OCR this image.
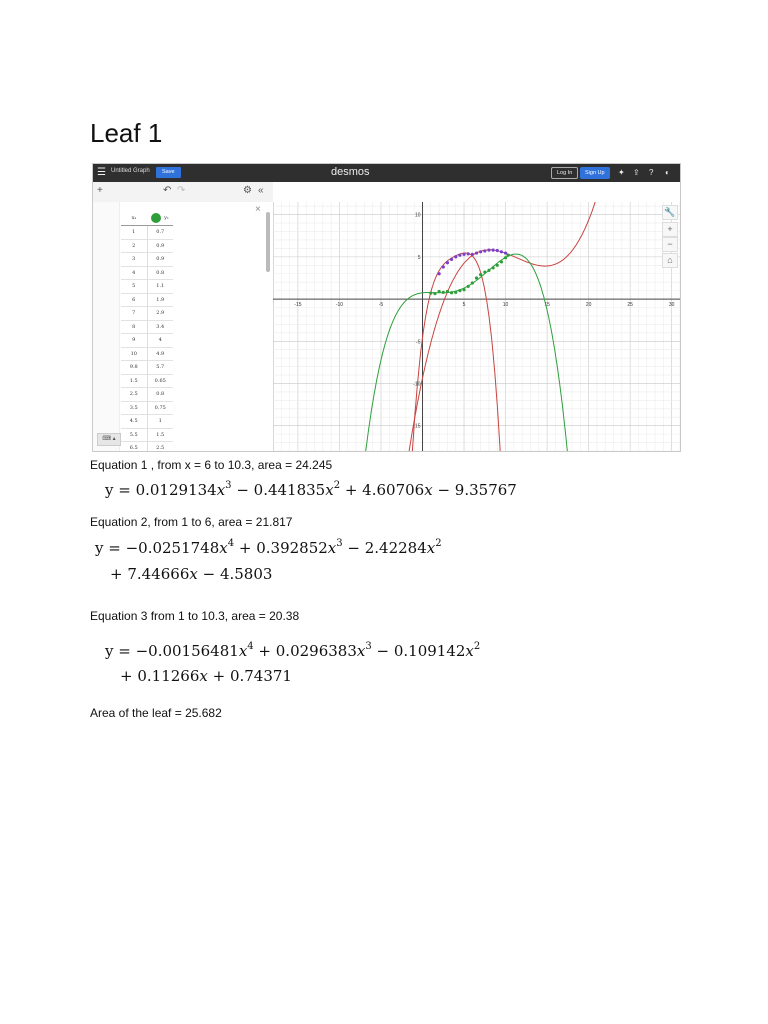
Leaf 1
☰ Untitled Graph	Save	desmos	Log In	Sign Up	✦ ⇪ ? ◐
+	↶ ↷	⚙ «
×
x₁	y₁
1	0.7
2	0.9
3	0.9
4	0.8
5	1.1
6	1.9
7	2.9
8	3.4
9	4
10	4.9
9.8	5.7
1.5	0.65
2.5	0.8
3.5	0.75
4.5	1
5.5	1.5
6.5	2.5
⌨ ▴
-15	-10	-5	5	10	15	20	25	30
10
5
-5
-10
-15
🔧
+
−
⌂
Equation 1 , from x = 6 to 10.3, area = 24.245
$y = 0.0129134x^3 - 0.441835x^2 + 4.60706x - 9.35767$
Equation 2, from 1 to 6, area = 21.817
$y = -0.0251748x^4 + 0.392852x^3 - 2.42284x^2$
+ 7.44666x − 4.5803
Equation 3 from 1 to 10.3, area = 20.38
$y = -0.00156481x^4 + 0.0296383x^3 - 0.109142x^2$
+ 0.11266x + 0.74371
Area of the leaf = 25.682
